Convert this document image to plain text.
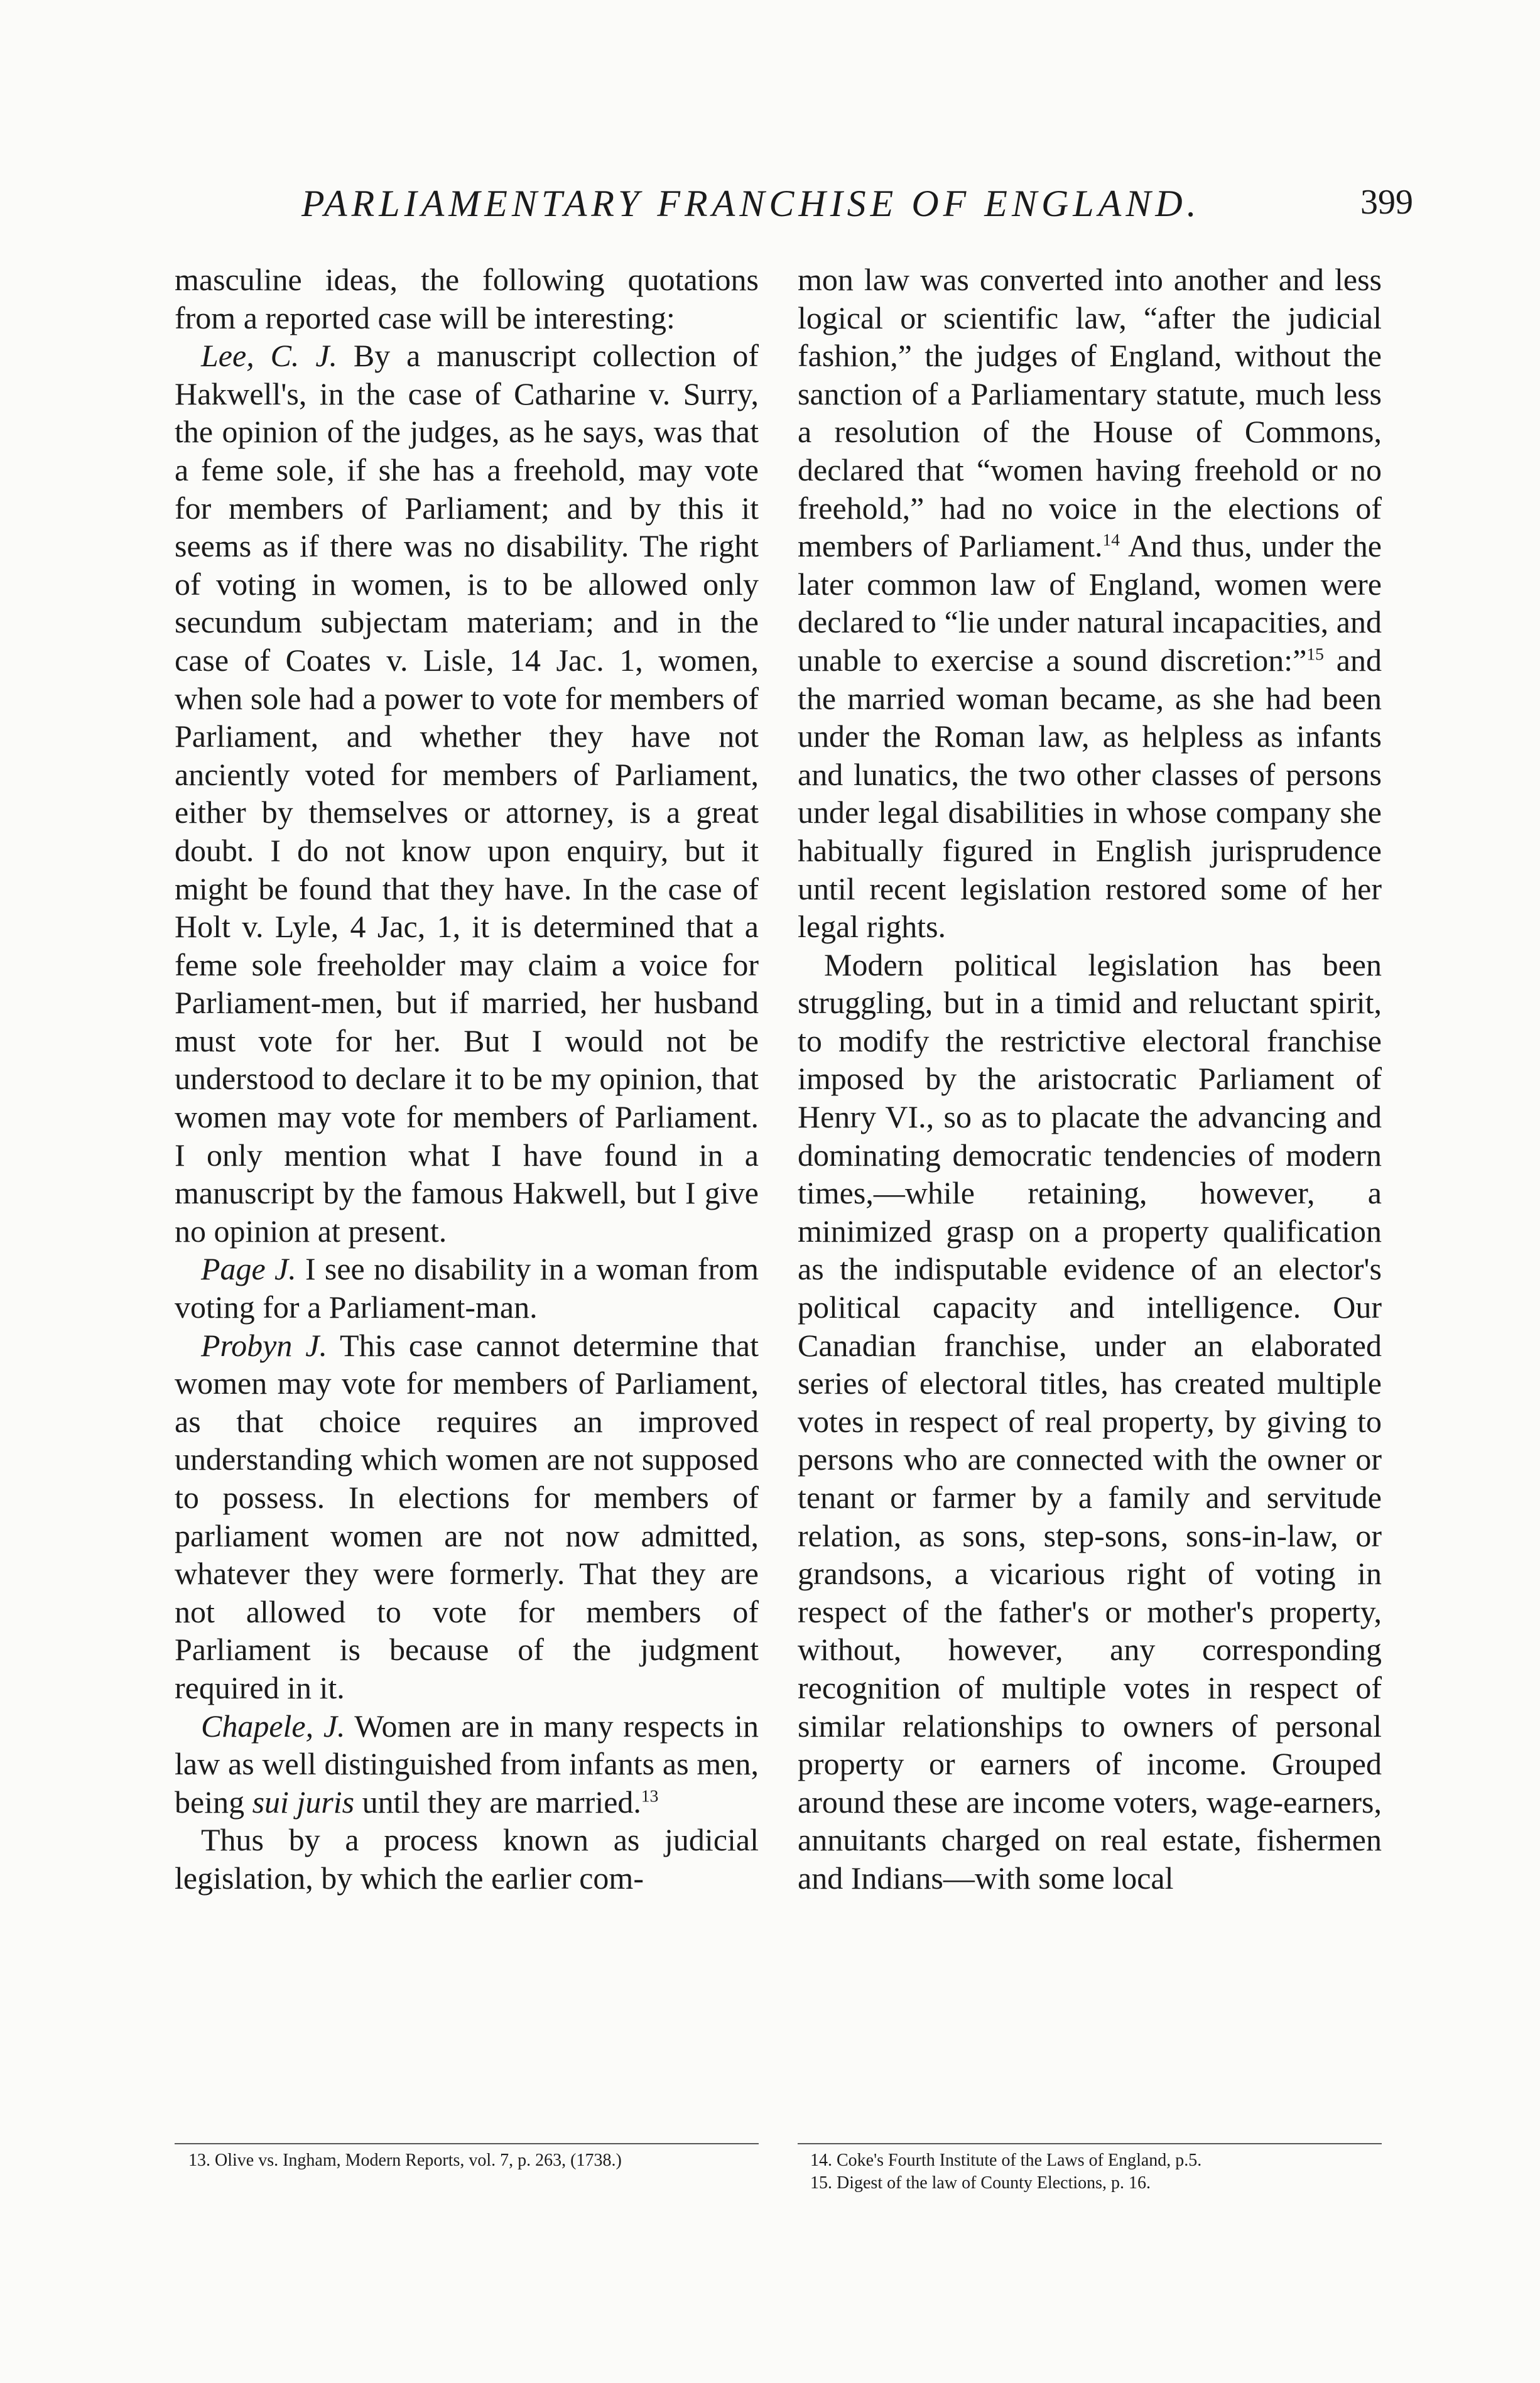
PARLIAMENTARY FRANCHISE OF ENGLAND.	399

masculine ideas, the following quotations from a reported case will be interesting:

Lee, C. J. By a manuscript collection of Hakwell's, in the case of Catharine v. Surry, the opinion of the judges, as he says, was that a feme sole, if she has a freehold, may vote for members of Parliament; and by this it seems as if there was no disability. The right of voting in women, is to be allowed only secundum subjectam materiam; and in the case of Coates v. Lisle, 14 Jac. 1, women, when sole had a power to vote for members of Parliament, and whether they have not anciently voted for members of Parliament, either by themselves or attorney, is a great doubt. I do not know upon enquiry, but it might be found that they have. In the case of Holt v. Lyle, 4 Jac, 1, it is determined that a feme sole freeholder may claim a voice for Parliament-men, but if married, her husband must vote for her. But I would not be understood to declare it to be my opinion, that women may vote for members of Parliament. I only mention what I have found in a manuscript by the famous Hakwell, but I give no opinion at present.

Page J. I see no disability in a woman from voting for a Parliament-man.

Probyn J. This case cannot determine that women may vote for members of Parliament, as that choice requires an improved understanding which women are not supposed to possess. In elections for members of parliament women are not now admitted, whatever they were formerly. That they are not allowed to vote for members of Parliament is because of the judgment required in it.

Chapele, J. Women are in many respects in law as well distinguished from infants as men, being sui juris until they are married.$^{13}$

Thus by a process known as judicial legislation, by which the earlier com-

mon law was converted into another and less logical or scientific law, “after the judicial fashion,” the judges of England, without the sanction of a Parliamentary statute, much less a resolution of the House of Commons, declared that “women having freehold or no freehold,” had no voice in the elections of members of Parliament.$^{14}$ And thus, under the later common law of England, women were declared to “lie under natural incapacities, and unable to exercise a sound discretion:”$^{15}$ and the married woman became, as she had been under the Roman law, as helpless as infants and lunatics, the two other classes of persons under legal disabilities in whose company she habitually figured in English jurisprudence until recent legislation restored some of her legal rights.

Modern political legislation has been struggling, but in a timid and reluctant spirit, to modify the restrictive electoral franchise imposed by the aristocratic Parliament of Henry VI., so as to placate the advancing and dominating democratic tendencies of modern times,—while retaining, however, a minimized grasp on a property qualification as the indisputable evidence of an elector's political capacity and intelligence. Our Canadian franchise, under an elaborated series of electoral titles, has created multiple votes in respect of real property, by giving to persons who are connected with the owner or tenant or farmer by a family and servitude relation, as sons, step-sons, sons-in-law, or grandsons, a vicarious right of voting in respect of the father's or mother's property, without, however, any corresponding recognition of multiple votes in respect of similar relationships to owners of personal property or earners of income. Grouped around these are income voters, wage-earners, annuitants charged on real estate, fishermen and Indians—with some local

13. Olive vs. Ingham, Modern Reports, vol. 7, p. 263, (1738.)	14. Coke's Fourth Institute of the Laws of England, p.5.

15. Digest of the law of County Elections, p. 16.
